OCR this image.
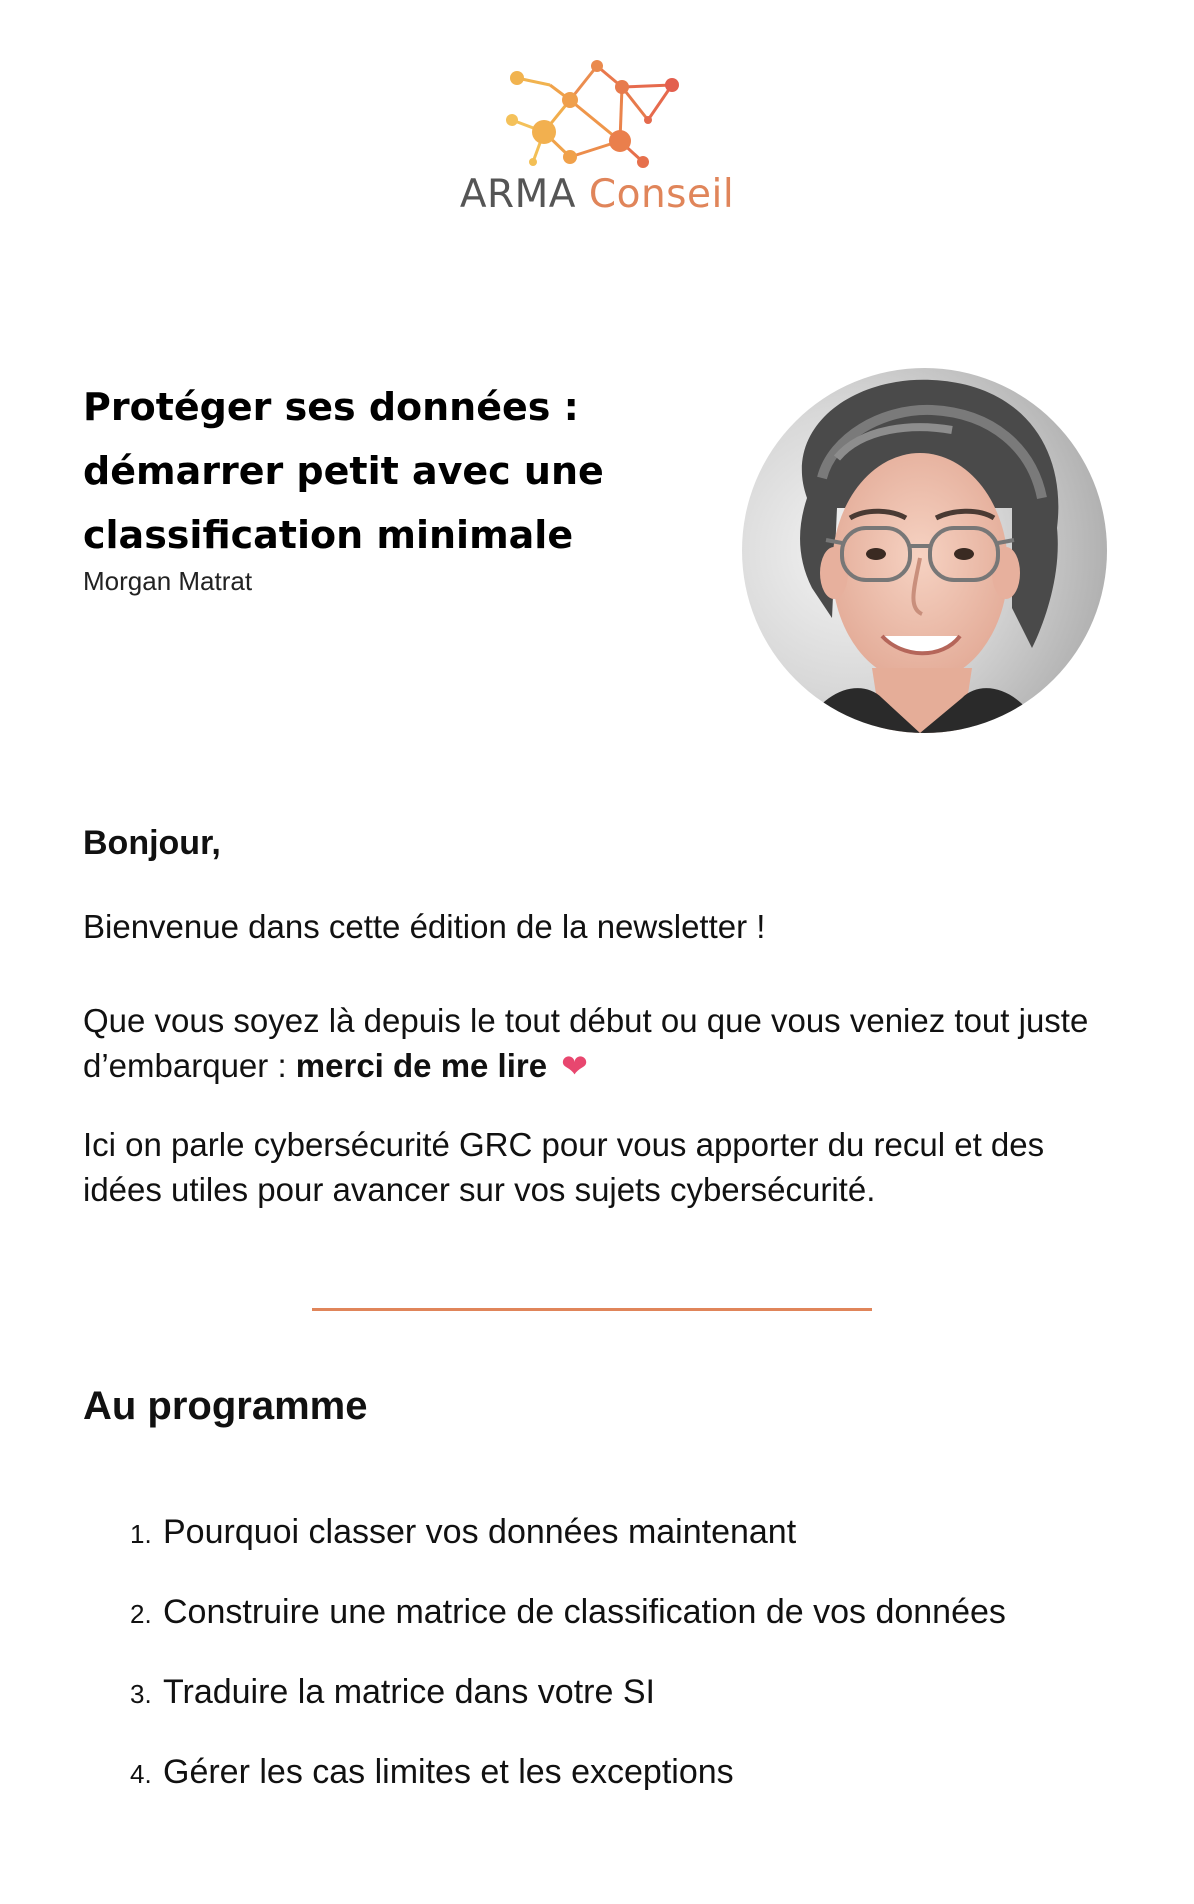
ARMA Conseil
Protéger ses données :
démarrer petit avec une
classification minimale
Morgan Matrat
Bonjour,
Bienvenue dans cette édition de la newsletter !
Que vous soyez là depuis le tout début ou que vous veniez tout juste d’embarquer : merci de me lire ❤
Ici on parle cybersécurité GRC pour vous apporter du recul et des idées utiles pour avancer sur vos sujets cybersécurité.
Au programme
1. Pourquoi classer vos données maintenant
2. Construire une matrice de classification de vos données
3. Traduire la matrice dans votre SI
4. Gérer les cas limites et les exceptions
